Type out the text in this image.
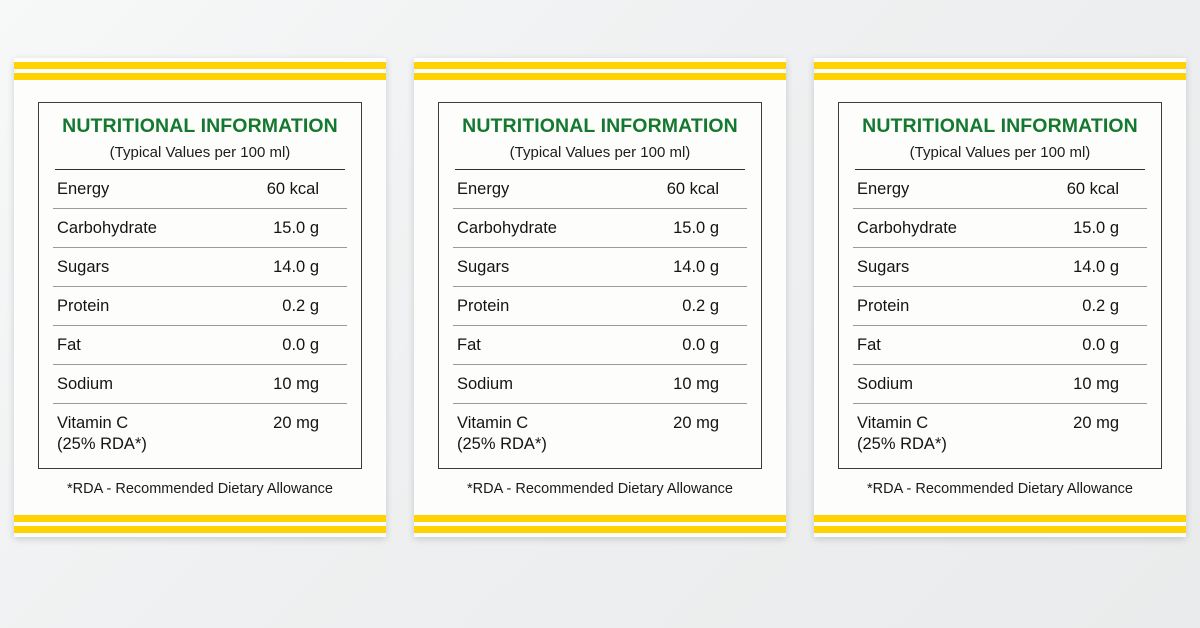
NUTRITIONAL INFORMATION
(Typical Values per 100 ml)
Energy	60 kcal
Carbohydrate	15.0 g
Sugars	14.0 g
Protein	0.2 g
Fat	0.0 g
Sodium	10 mg
Vitamin C	20 mg
(25% RDA*)
*RDA - Recommended Dietary Allowance
NUTRITIONAL INFORMATION
(Typical Values per 100 ml)
Energy	60 kcal
Carbohydrate	15.0 g
Sugars	14.0 g
Protein	0.2 g
Fat	0.0 g
Sodium	10 mg
Vitamin C	20 mg
(25% RDA*)
*RDA - Recommended Dietary Allowance
NUTRITIONAL INFORMATION
(Typical Values per 100 ml)
Energy	60 kcal
Carbohydrate	15.0 g
Sugars	14.0 g
Protein	0.2 g
Fat	0.0 g
Sodium	10 mg
Vitamin C	20 mg
(25% RDA*)
*RDA - Recommended Dietary Allowance
